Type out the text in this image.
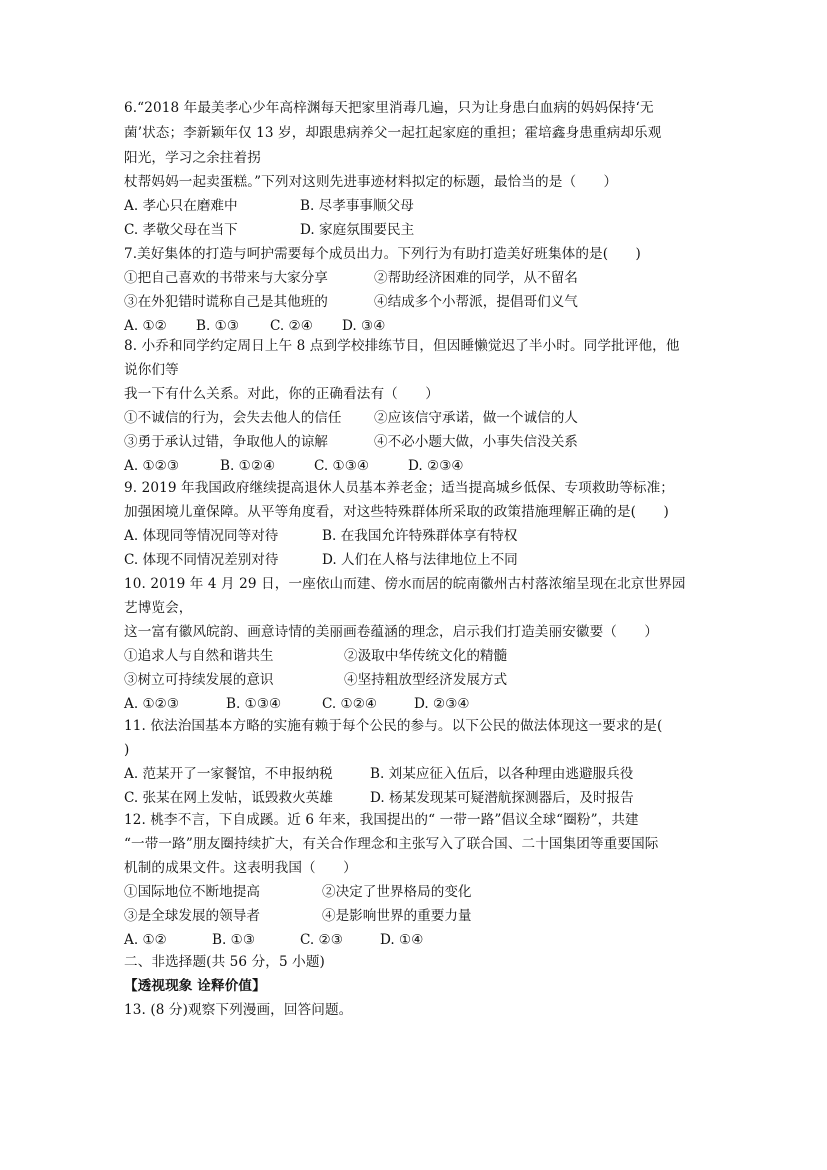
6.“2018 年最美孝心少年高梓渊每天把家里消毒几遍，只为让身患白血病的妈妈保持‘无
菌’状态；李新颖年仅 13 岁，却跟患病养父一起扛起家庭的重担；霍培鑫身患重病却乐观
阳光，学习之余拄着拐
杖帮妈妈一起卖蛋糕。”下列对这则先进事迹材料拟定的标题，最恰当的是（　　）
A. 孝心只在磨难中	B. 尽孝事事顺父母
C. 孝敬父母在当下	D. 家庭氛围要民主
7.美好集体的打造与呵护需要每个成员出力。下列行为有助打造美好班集体的是(　　)
①把自己喜欢的书带来与大家分享	②帮助经济困难的同学，从不留名
③在外犯错时谎称自己是其他班的	④结成多个小帮派，提倡哥们义气
A. ①② B. ①③ C. ②④ D. ③④
8. 小乔和同学约定周日上午 8 点到学校排练节目，但因睡懒觉迟了半小时。同学批评他，他
说你们等
我一下有什么关系。对此，你的正确看法有（　　）
①不诚信的行为，会失去他人的信任 ②应该信守承诺，做一个诚信的人
③勇于承认过错，争取他人的谅解	④不必小题大做，小事失信没关系
A. ①②③	B. ①②④	C. ①③④	D. ②③④
9. 2019 年我国政府继续提高退休人员基本养老金；适当提高城乡低保、专项救助等标准；
加强困境儿童保障。从平等角度看，对这些特殊群体所采取的政策措施理解正确的是(　　)
A. 体现同等情况同等对待	B. 在我国允许特殊群体享有特权
C. 体现不同情况差别对待	D. 人们在人格与法律地位上不同
10. 2019 年 4 月 29 日，一座依山而建、傍水而居的皖南徽州古村落浓缩呈现在北京世界园
艺博览会，
这一富有徽风皖韵、画意诗情的美丽画卷蕴涵的理念，启示我们打造美丽安徽要（　　）
①追求人与自然和谐共生	②汲取中华传统文化的精髓
③树立可持续发展的意识	④坚持粗放型经济发展方式
A. ①②③	B. ①③④	C. ①②④	D. ②③④
11. 依法治国基本方略的实施有赖于每个公民的参与。以下公民的做法体现这一要求的是(
)
A. 范某开了一家餐馆，不申报纳税	B. 刘某应征入伍后，以各种理由逃避服兵役
C. 张某在网上发帖，诋毁救火英雄	D. 杨某发现某可疑潜航探测器后，及时报告
12. 桃李不言，下自成蹊。近 6 年来，我国提出的“ 一带一路”倡议全球“圈粉”，共建
“一带一路”朋友圈持续扩大，有关合作理念和主张写入了联合国、二十国集团等重要国际
机制的成果文件。这表明我国（　　）
①国际地位不断地提高	②决定了世界格局的变化
③是全球发展的领导者	④是影响世界的重要力量
A. ①②	B. ①③	C. ②③	D. ①④
二、非选择题(共 56 分，5 小题)
【透视现象 诠释价值】
13. (8 分)观察下列漫画，回答问题。
